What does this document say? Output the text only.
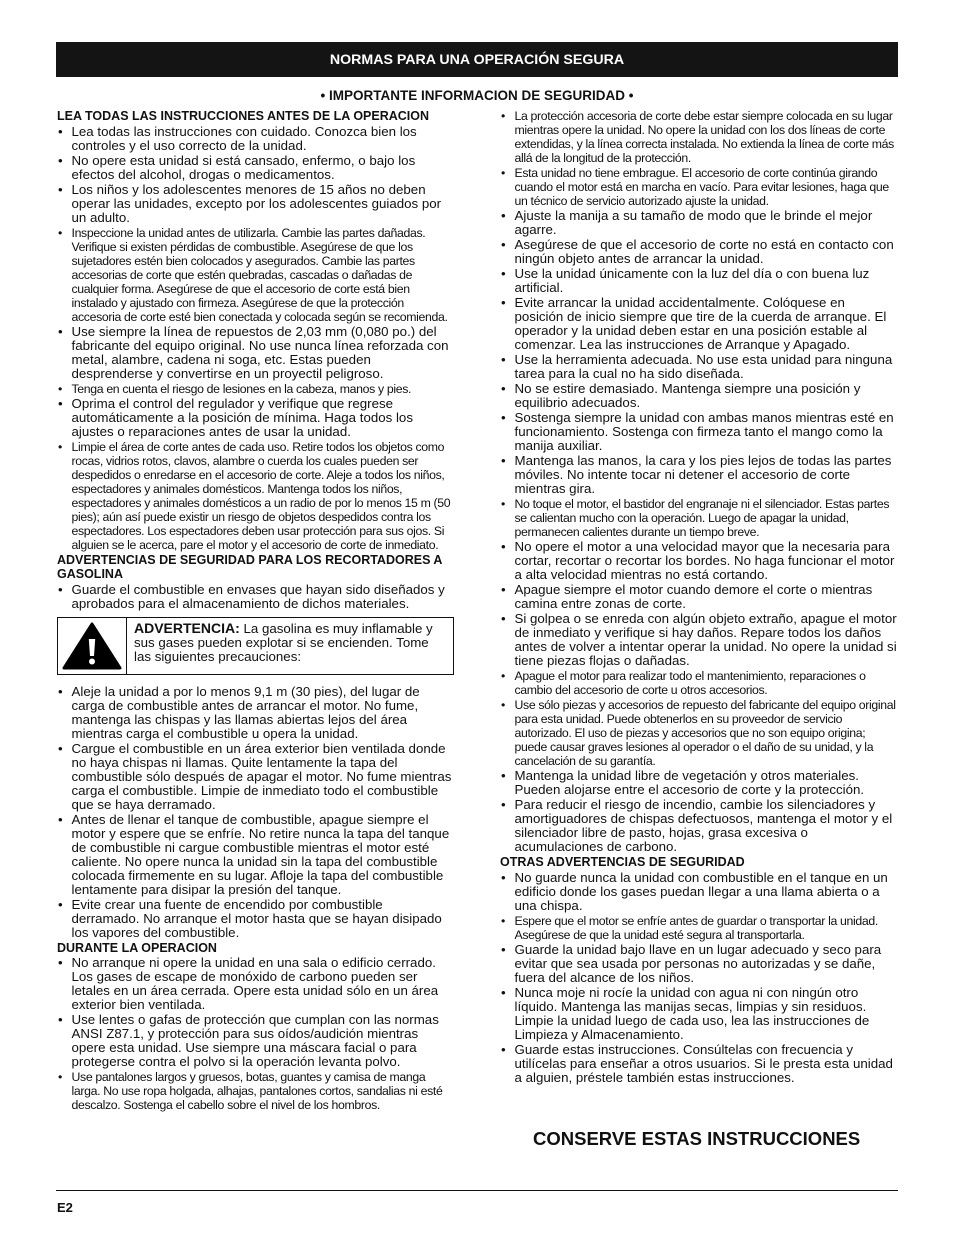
NORMAS PARA UNA OPERACIÓN SEGURA
• IMPORTANTE INFORMACION DE SEGURIDAD •
LEA TODAS LAS INSTRUCCIONES ANTES DE LA OPERACION
• Lea todas las instrucciones con cuidado. Conozca bien los controles y el uso correcto de la unidad.
• No opere esta unidad si está cansado, enfermo, o bajo los efectos del alcohol, drogas o medicamentos.
• Los niños y los adolescentes menores de 15 años no deben operar las unidades, excepto por los adolescentes guiados por un adulto.
• Inspeccione la unidad antes de utilizarla. Cambie las partes dañadas. Verifique si existen pérdidas de combustible. Asegúrese de que los sujetadores estén bien colocados y asegurados. Cambie las partes accesorias de corte que estén quebradas, cascadas o dañadas de cualquier forma. Asegúrese de que el accesorio de corte está bien instalado y ajustado con firmeza. Asegúrese de que la protección accesoria de corte esté bien conectada y colocada según se recomienda.
• Use siempre la línea de repuestos de 2,03 mm (0,080 po.) del fabricante del equipo original. No use nunca línea reforzada con metal, alambre, cadena ni soga, etc. Estas pueden desprenderse y convertirse en un proyectil peligroso.
• Tenga en cuenta el riesgo de lesiones en la cabeza, manos y pies.
• Oprima el control del regulador y verifique que regrese automáticamente a la posición de mínima. Haga todos los ajustes o reparaciones antes de usar la unidad.
• Limpie el área de corte antes de cada uso. Retire todos los objetos como rocas, vidrios rotos, clavos, alambre o cuerda los cuales pueden ser despedidos o enredarse en el accesorio de corte. Aleje a todos los niños, espectadores y animales domésticos. Mantenga todos los niños, espectadores y animales domésticos a un radio de por lo menos 15 m (50 pies); aún así puede existir un riesgo de objetos despedidos contra los espectadores. Los espectadores deben usar protección para sus ojos. Si alguien se le acerca, pare el motor y el accesorio de corte de inmediato.
ADVERTENCIAS DE SEGURIDAD PARA LOS RECORTADORES A GASOLINA
• Guarde el combustible en envases que hayan sido diseñados y aprobados para el almacenamiento de dichos materiales.
ADVERTENCIA: La gasolina es muy inflamable y sus gases pueden explotar si se encienden. Tome las siguientes precauciones:
• Aleje la unidad a por lo menos 9,1 m (30 pies), del lugar de carga de combustible antes de arrancar el motor. No fume, mantenga las chispas y las llamas abiertas lejos del área mientras carga el combustible u opera la unidad.
• Cargue el combustible en un área exterior bien ventilada donde no haya chispas ni llamas. Quite lentamente la tapa del combustible sólo después de apagar el motor. No fume mientras carga el combustible. Limpie de inmediato todo el combustible que se haya derramado.
• Antes de llenar el tanque de combustible, apague siempre el motor y espere que se enfríe. No retire nunca la tapa del tanque de combustible ni cargue combustible mientras el motor esté caliente. No opere nunca la unidad sin la tapa del combustible colocada firmemente en su lugar. Afloje la tapa del combustible lentamente para disipar la presión del tanque.
• Evite crear una fuente de encendido por combustible derramado. No arranque el motor hasta que se hayan disipado los vapores del combustible.
DURANTE LA OPERACION
• No arranque ni opere la unidad en una sala o edificio cerrado. Los gases de escape de monóxido de carbono pueden ser letales en un área cerrada. Opere esta unidad sólo en un área exterior bien ventilada.
• Use lentes o gafas de protección que cumplan con las normas ANSI Z87.1, y protección para sus oídos/audición mientras opere esta unidad. Use siempre una máscara facial o para protegerse contra el polvo si la operación levanta polvo.
• Use pantalones largos y gruesos, botas, guantes y camisa de manga larga. No use ropa holgada, alhajas, pantalones cortos, sandalias ni esté descalzo. Sostenga el cabello sobre el nivel de los hombros.
• La protección accesoria de corte debe estar siempre colocada en su lugar mientras opere la unidad. No opere la unidad con los dos líneas de corte extendidas, y la línea correcta instalada. No extienda la línea de corte más allá de la longitud de la protección.
• Esta unidad no tiene embrague. El accesorio de corte continúa girando cuando el motor está en marcha en vacío. Para evitar lesiones, haga que un técnico de servicio autorizado ajuste la unidad.
• Ajuste la manija a su tamaño de modo que le brinde el mejor agarre.
• Asegúrese de que el accesorio de corte no está en contacto con ningún objeto antes de arrancar la unidad.
• Use la unidad únicamente con la luz del día o con buena luz artificial.
• Evite arrancar la unidad accidentalmente. Colóquese en posición de inicio siempre que tire de la cuerda de arranque. El operador y la unidad deben estar en una posición estable al comenzar. Lea las instrucciones de Arranque y Apagado.
• Use la herramienta adecuada. No use esta unidad para ninguna tarea para la cual no ha sido diseñada.
• No se estire demasiado. Mantenga siempre una posición y equilibrio adecuados.
• Sostenga siempre la unidad con ambas manos mientras esté en funcionamiento. Sostenga con firmeza tanto el mango como la manija auxiliar.
• Mantenga las manos, la cara y los pies lejos de todas las partes móviles. No intente tocar ni detener el accesorio de corte mientras gira.
• No toque el motor, el bastidor del engranaje ni el silenciador. Estas partes se calientan mucho con la operación. Luego de apagar la unidad, permanecen calientes durante un tiempo breve.
• No opere el motor a una velocidad mayor que la necesaria para cortar, recortar o recortar los bordes. No haga funcionar el motor a alta velocidad mientras no está cortando.
• Apague siempre el motor cuando demore el corte o mientras camina entre zonas de corte.
• Si golpea o se enreda con algún objeto extraño, apague el motor de inmediato y verifique si hay daños. Repare todos los daños antes de volver a intentar operar la unidad. No opere la unidad si tiene piezas flojas o dañadas.
• Apague el motor para realizar todo el mantenimiento, reparaciones o cambio del accesorio de corte u otros accesorios.
• Use sólo piezas y accesorios de repuesto del fabricante del equipo original para esta unidad. Puede obtenerlos en su proveedor de servicio autorizado. El uso de piezas y accesorios que no son equipo origina; puede causar graves lesiones al operador o el daño de su unidad, y la cancelación de su garantía.
• Mantenga la unidad libre de vegetación y otros materiales. Pueden alojarse entre el accesorio de corte y la protección.
• Para reducir el riesgo de incendio, cambie los silenciadores y amortiguadores de chispas defectuosos, mantenga el motor y el silenciador libre de pasto, hojas, grasa excesiva o acumulaciones de carbono.
OTRAS ADVERTENCIAS DE SEGURIDAD
• No guarde nunca la unidad con combustible en el tanque en un edificio donde los gases puedan llegar a una llama abierta o a una chispa.
• Espere que el motor se enfríe antes de guardar o transportar la unidad. Asegúrese de que la unidad esté segura al transportarla.
• Guarde la unidad bajo llave en un lugar adecuado y seco para evitar que sea usada por personas no autorizadas y se dañe, fuera del alcance de los niños.
• Nunca moje ni rocíe la unidad con agua ni con ningún otro líquido. Mantenga las manijas secas, limpias y sin residuos. Limpie la unidad luego de cada uso, lea las instrucciones de Limpieza y Almacenamiento.
• Guarde estas instrucciones. Consúltelas con frecuencia y utilícelas para enseñar a otros usuarios. Si le presta esta unidad a alguien, préstele también estas instrucciones.
CONSERVE ESTAS INSTRUCCIONES
E2
